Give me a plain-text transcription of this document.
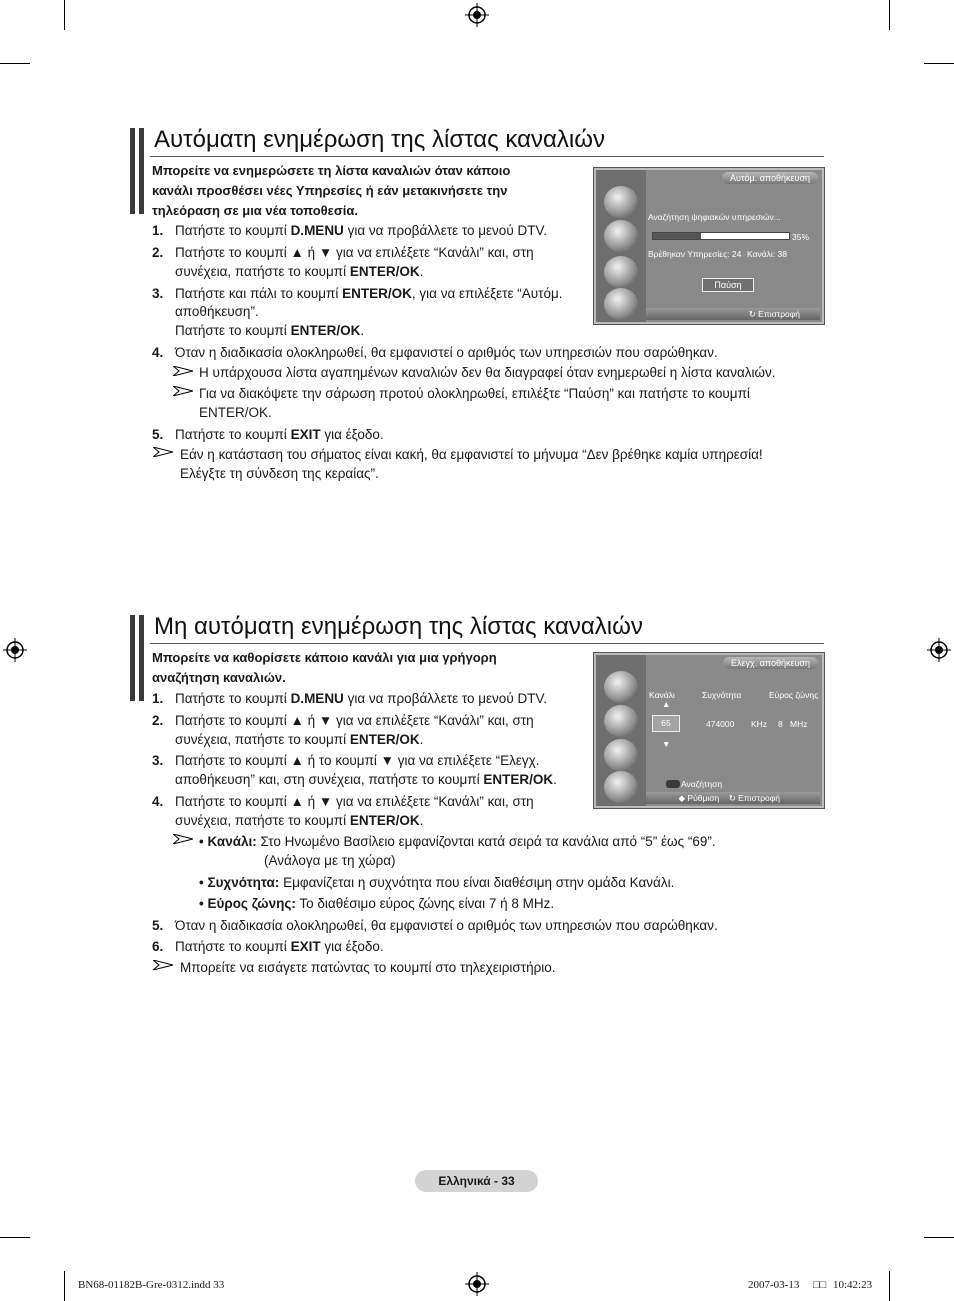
Αυτόματη ενημέρωση της λίστας καναλιών
Μπορείτε να ενημερώσετε τη λίστα καναλιών όταν κάποιο
κανάλι προσθέσει νέες Υπηρεσίες ή εάν μετακινήσετε την
τηλεόραση σε μια νέα τοποθεσία.
1. Πατήστε το κουμπί D.MENU για να προβάλλετε το μενού DTV.
2. Πατήστε το κουμπί ▲ ή ▼ για να επιλέξετε “Κανάλι” και, στη
συνέχεια, πατήστε το κουμπί ENTER/OK.
3. Πατήστε και πάλι το κουμπί ENTER/OK, για να επιλέξετε “Αυτόμ.
αποθήκευση”.
Πατήστε το κουμπί ENTER/OK.
4. Όταν η διαδικασία ολοκληρωθεί, θα εμφανιστεί ο αριθμός των υπηρεσιών που σαρώθηκαν.
Η υπάρχουσα λίστα αγαπημένων καναλιών δεν θα διαγραφεί όταν ενημερωθεί η λίστα καναλιών.
Για να διακόψετε την σάρωση προτού ολοκληρωθεί, επιλέξτε “Παύση” και πατήστε το κουμπί
ENTER/OK.
5. Πατήστε το κουμπί EXIT για έξοδο.
Εάν η κατάσταση του σήματος είναι κακή, θα εμφανιστεί το μήνυμα “Δεν βρέθηκε καμία υπηρεσία!
Ελέγξτε τη σύνδεση της κεραίας”.
Αυτόμ. αποθήκευση
Αναζήτηση ψηφιακών υπηρεσιών...
35%
Βρέθηκαν Υπηρεσίες: 24 Κανάλι: 38
Παύση
↻ Επιστροφή
Μη αυτόματη ενημέρωση της λίστας καναλιών
Μπορείτε να καθορίσετε κάποιο κανάλι για μια γρήγορη
αναζήτηση καναλιών.
1. Πατήστε το κουμπί D.MENU για να προβάλλετε το μενού DTV.
2. Πατήστε το κουμπί ▲ ή ▼ για να επιλέξετε “Κανάλι” και, στη
συνέχεια, πατήστε το κουμπί ENTER/OK.
3. Πατήστε το κουμπί ▲ ή το κουμπί ▼ για να επιλέξετε “Ελεγχ.
αποθήκευση” και, στη συνέχεια, πατήστε το κουμπί ENTER/OK.
4. Πατήστε το κουμπί ▲ ή ▼ για να επιλέξετε “Κανάλι” και, στη
συνέχεια, πατήστε το κουμπί ENTER/OK.
• Κανάλι: Στο Ηνωμένο Βασίλειο εμφανίζονται κατά σειρά τα κανάλια από “5” έως “69”.
(Ανάλογα με τη χώρα)
• Συχνότητα: Εμφανίζεται η συχνότητα που είναι διαθέσιμη στην ομάδα Κανάλι.
• Εύρος ζώνης: Το διαθέσιμο εύρος ζώνης είναι 7 ή 8 MHz.
5. Όταν η διαδικασία ολοκληρωθεί, θα εμφανιστεί ο αριθμός των υπηρεσιών που σαρώθηκαν.
6. Πατήστε το κουμπί EXIT για έξοδο.
Μπορείτε να εισάγετε πατώντας το κουμπί στο τηλεχειριστήριο.
Ελεγχ. αποθήκευση
Κανάλι	Συχνότητα	Εύρος ζώνης
▲
65	474000 KHz 8 MHz
▼
Αναζήτηση
◆ Ρύθμιση ↻ Επιστροφή
Ελληνικά - 33
BN68-01182B-Gre-0312.indd 33	2007-03-13 □□ 10:42:23
